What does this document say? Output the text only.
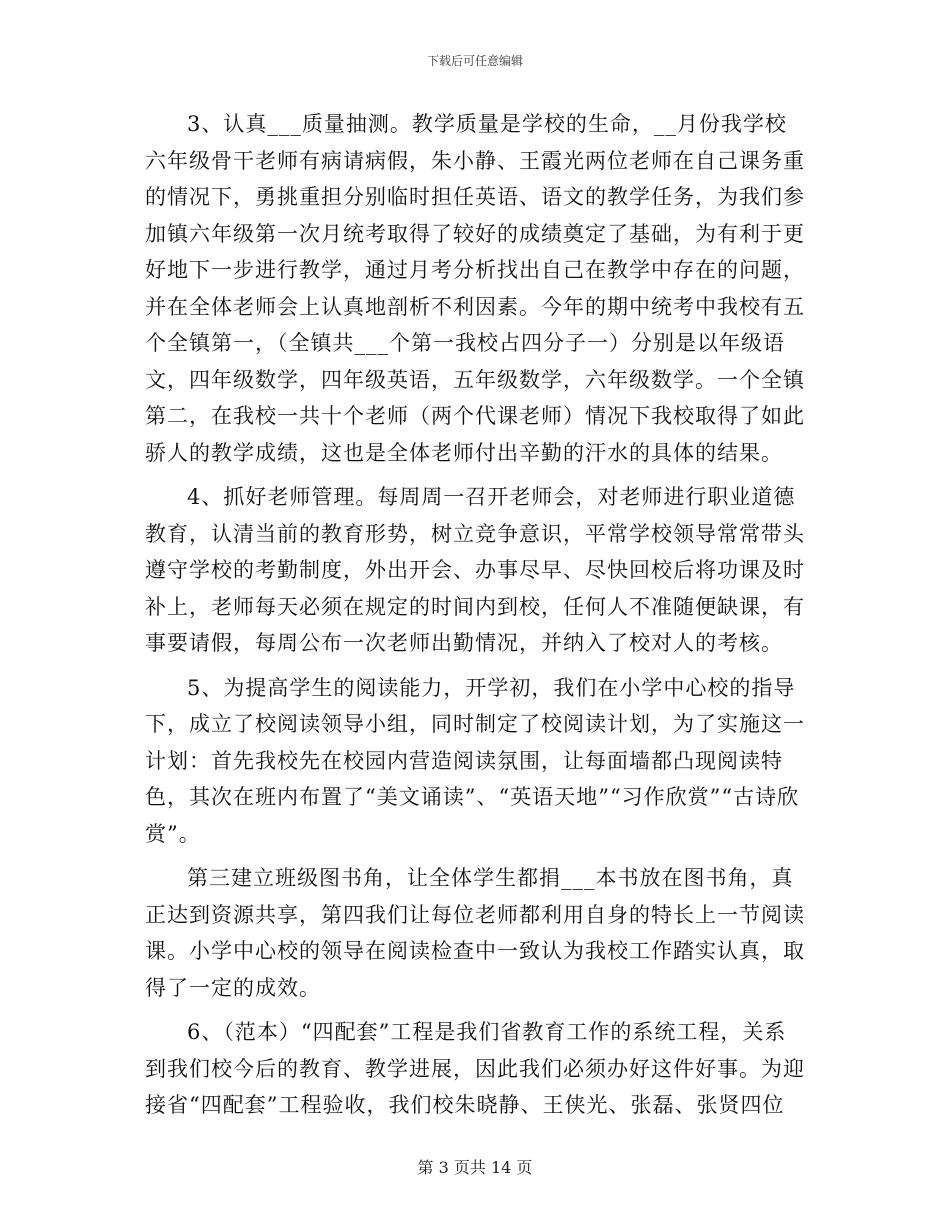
下载后可任意编辑

3、认真___质量抽测。教学质量是学校的生命，__月份我学校六年级骨干老师有病请病假，朱小静、王霞光两位老师在自己课务重的情况下，勇挑重担分别临时担任英语、语文的教学任务，为我们参加镇六年级第一次月统考取得了较好的成绩奠定了基础，为有利于更好地下一步进行教学，通过月考分析找出自己在教学中存在的问题，并在全体老师会上认真地剖析不利因素。今年的期中统考中我校有五个全镇第一，（全镇共___个第一我校占四分子一）分别是以年级语文，四年级数学，四年级英语，五年级数学，六年级数学。一个全镇第二，在我校一共十个老师（两个代课老师）情况下我校取得了如此骄人的教学成绩，这也是全体老师付出辛勤的汗水的具体的结果。

4、抓好老师管理。每周周一召开老师会，对老师进行职业道德教育，认清当前的教育形势，树立竞争意识，平常学校领导常常带头遵守学校的考勤制度，外出开会、办事尽早、尽快回校后将功课及时补上，老师每天必须在规定的时间内到校，任何人不准随便缺课，有事要请假，每周公布一次老师出勤情况，并纳入了校对人的考核。

5、为提高学生的阅读能力，开学初，我们在小学中心校的指导下，成立了校阅读领导小组，同时制定了校阅读计划，为了实施这一计划：首先我校先在校园内营造阅读氛围，让每面墙都凸现阅读特色，其次在班内布置了“美文诵读”、“英语天地”“习作欣赏”“古诗欣赏”。

第三建立班级图书角，让全体学生都捐___本书放在图书角，真正达到资源共享，第四我们让每位老师都利用自身的特长上一节阅读课。小学中心校的领导在阅读检查中一致认为我校工作踏实认真，取得了一定的成效。

6、（范本）“四配套”工程是我们省教育工作的系统工程，关系到我们校今后的教育、教学进展，因此我们必须办好这件好事。为迎接省“四配套”工程验收，我们校朱晓静、王侠光、张磊、张贤四位

第 3 页共 14 页
